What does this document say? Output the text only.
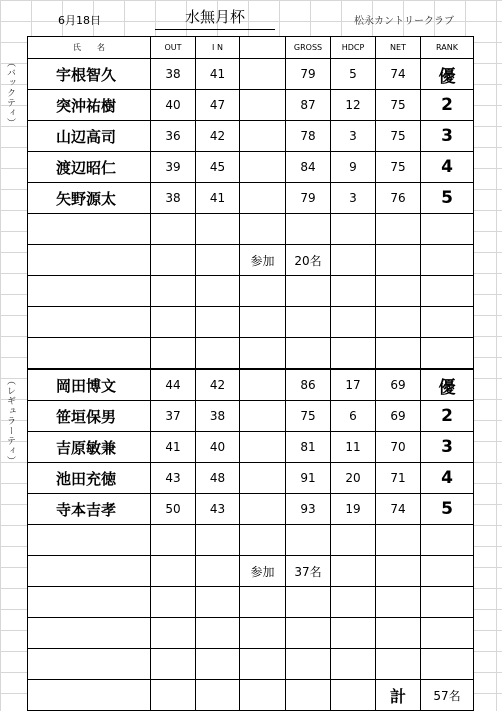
6月18日	水無月杯	松永カントリークラブ
（バックティ）
（レギュラーティ）
氏　　名	OUT	I N		GROSS	HDCP	NET	RANK
宇根智久	38	41		79	5	74	優
突沖祐樹	40	47		87	12	75	2
山辺高司	36	42		78	3	75	3
渡辺昭仁	39	45		84	9	75	4
矢野源太	38	41		79	3	76	5

			参加	20名			

岡田博文	44	42		86	17	69	優
笹垣保男	37	38		75	6	69	2
吉原敏兼	41	40		81	11	70	3
池田充徳	43	48		91	20	71	4
寺本吉孝	50	43		93	19	74	5

			参加	37名			

						計	57名
